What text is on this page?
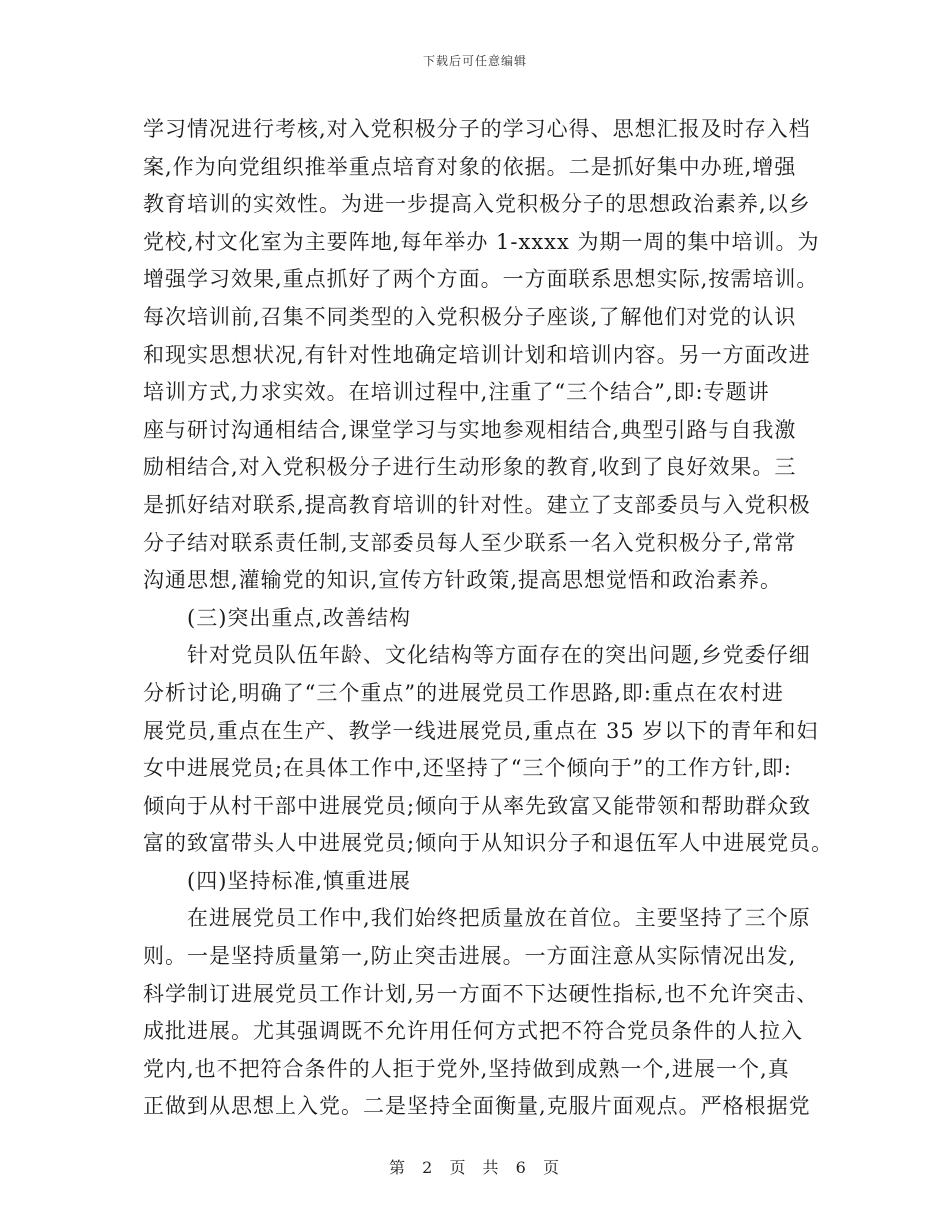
下载后可任意编辑
学习情况进行考核,对入党积极分子的学习心得、思想汇报及时存入档
案,作为向党组织推举重点培育对象的依据。二是抓好集中办班,增强
教育培训的实效性。为进一步提高入党积极分子的思想政治素养,以乡
党校,村文化室为主要阵地,每年举办 1-xxxx 为期一周的集中培训。为
增强学习效果,重点抓好了两个方面。一方面联系思想实际,按需培训。
每次培训前,召集不同类型的入党积极分子座谈,了解他们对党的认识
和现实思想状况,有针对性地确定培训计划和培训内容。另一方面改进
培训方式,力求实效。在培训过程中,注重了“三个结合”,即:专题讲
座与研讨沟通相结合,课堂学习与实地参观相结合,典型引路与自我激
励相结合,对入党积极分子进行生动形象的教育,收到了良好效果。三
是抓好结对联系,提高教育培训的针对性。建立了支部委员与入党积极
分子结对联系责任制,支部委员每人至少联系一名入党积极分子,常常
沟通思想,灌输党的知识,宣传方针政策,提高思想觉悟和政治素养。
(三)突出重点,改善结构
针对党员队伍年龄、文化结构等方面存在的突出问题,乡党委仔细
分析讨论,明确了“三个重点”的进展党员工作思路,即:重点在农村进
展党员,重点在生产、教学一线进展党员,重点在 35 岁以下的青年和妇
女中进展党员;在具体工作中,还坚持了“三个倾向于”的工作方针,即:
倾向于从村干部中进展党员;倾向于从率先致富又能带领和帮助群众致
富的致富带头人中进展党员;倾向于从知识分子和退伍军人中进展党员。
(四)坚持标准,慎重进展
在进展党员工作中,我们始终把质量放在首位。主要坚持了三个原
则。一是坚持质量第一,防止突击进展。一方面注意从实际情况出发,
科学制订进展党员工作计划,另一方面不下达硬性指标,也不允许突击、
成批进展。尤其强调既不允许用任何方式把不符合党员条件的人拉入
党内,也不把符合条件的人拒于党外,坚持做到成熟一个,进展一个,真
正做到从思想上入党。二是坚持全面衡量,克服片面观点。严格根据党
第 2 页 共 6 页
